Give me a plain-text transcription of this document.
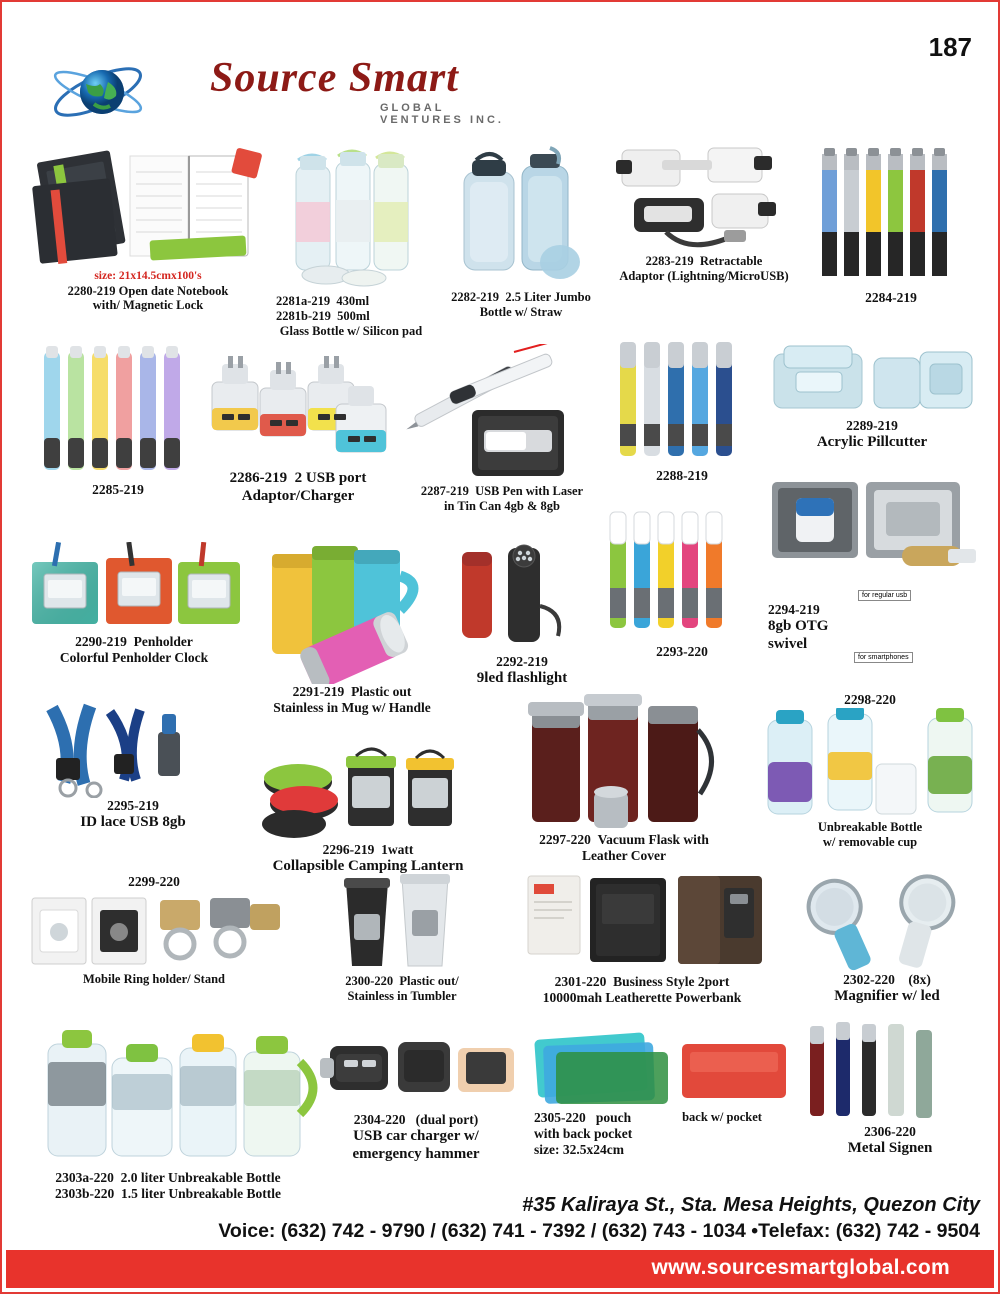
187
Source Smart
GLOBAL VENTURES INC.
size: 21x14.5cmx100's
2280-219 Open date Notebook
with/ Magnetic Lock	2281a-219 430ml
2281b-219 500ml
Glass Bottle w/ Silicon pad
2282-219 2.5 Liter Jumbo
Bottle w/ Straw
2283-219 Retractable
Adaptor (Lightning/MicroUSB)
2284-219
2285-219
2286-219 2 USB port
Adaptor/Charger	2287-219 USB Pen with Laser
in Tin Can 4gb & 8gb
2288-219
2289-219
Acrylic Pillcutter
2290-219 Penholder
Colorful Penholder Clock
2291-219 Plastic out
Stainless in Mug w/ Handle
2292-219
9led flashlight
2293-220
2294-219
8gb OTG
swivel
for regular usb
for smartphones
2295-219
ID lace USB 8gb
2296-219 1watt
Collapsible Camping Lantern
2297-220 Vacuum Flask with
Leather Cover
2298-220
Unbreakable Bottle
w/ removable cup
2299-220
Mobile Ring holder/ Stand	2300-220 Plastic out/
Stainless in Tumbler
2301-220 Business Style 2port
10000mah Leatherette Powerbank
2302-220 (8x)
Magnifier w/ led
2303a-220 2.0 liter Unbreakable Bottle
2303b-220 1.5 liter Unbreakable Bottle
2304-220 (dual port)
USB car charger w/
emergency hammer
2305-220 pouch
with back pocket
size: 32.5x24cm
back w/ pocket
2306-220
Metal Signen
#35 Kaliraya St., Sta. Mesa Heights, Quezon City
Voice: (632) 742 - 9790 / (632) 741 - 7392 / (632) 743 - 1034 •Telefax: (632) 742 - 9504
www.sourcesmartglobal.com
